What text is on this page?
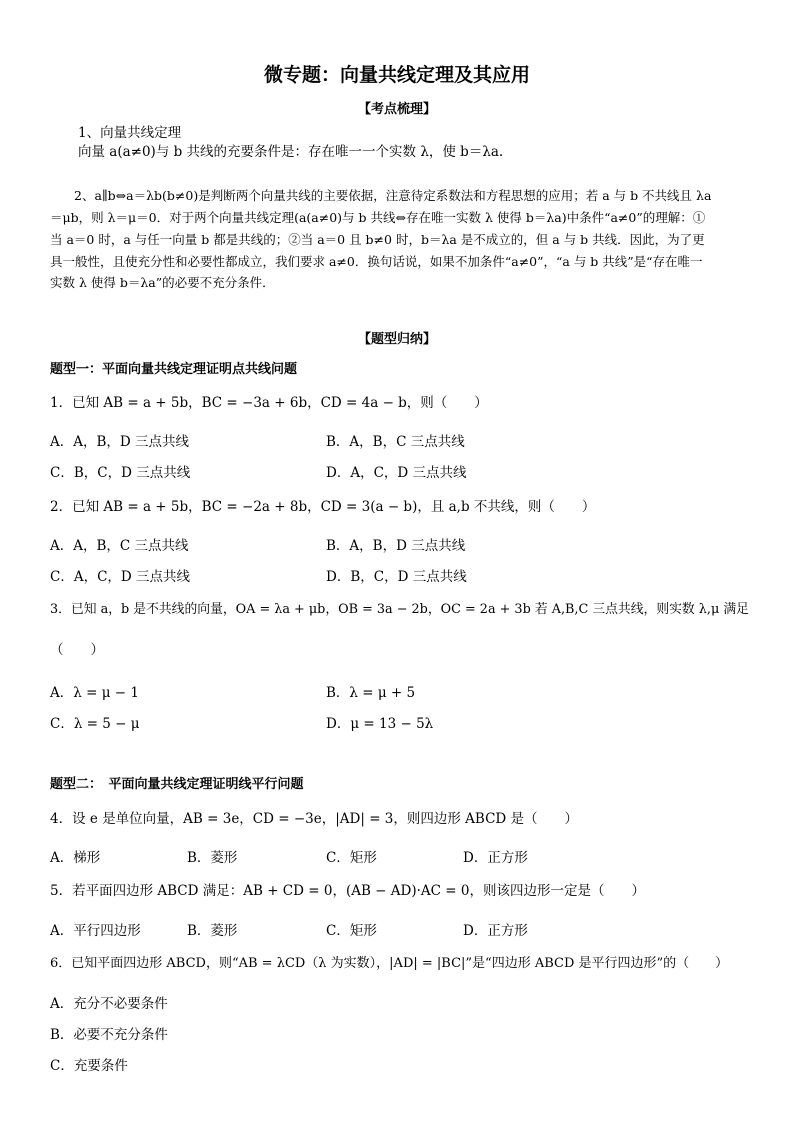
微专题：向量共线定理及其应用
【考点梳理】
1、向量共线定理
向量 a(a≠0)与 b 共线的充要条件是：存在唯一一个实数 λ，使 b＝λa.
2、a∥b⇔a＝λb(b≠0)是判断两个向量共线的主要依据，注意待定系数法和方程思想的应用；若 a 与 b 不共线且 λa
＝μb，则 λ＝μ＝0．对于两个向量共线定理(a(a≠0)与 b 共线⇔存在唯一实数 λ 使得 b＝λa)中条件“a≠0”的理解：①
当 a＝0 时，a 与任一向量 b 都是共线的；②当 a＝0 且 b≠0 时，b＝λa 是不成立的，但 a 与 b 共线．因此，为了更
具一般性，且使充分性和必要性都成立，我们要求 a≠0．换句话说，如果不加条件“a≠0”，“a 与 b 共线”是“存在唯一
实数 λ 使得 b＝λa”的必要不充分条件．
【题型归纳】
题型一：平面向量共线定理证明点共线问题
1．已知 AB = a + 5b，BC = −3a + 6b，CD = 4a − b，则（　　）
A．A，B，D 三点共线	B．A，B，C 三点共线
C．B，C，D 三点共线	D．A，C，D 三点共线
2．已知 AB = a + 5b，BC = −2a + 8b，CD = 3(a − b)，且 a,b 不共线，则（　　）
A．A，B，C 三点共线	B．A，B，D 三点共线
C．A，C，D 三点共线	D．B，C，D 三点共线
3．已知 a，b 是不共线的向量，OA = λa + μb，OB = 3a − 2b，OC = 2a + 3b 若 A,B,C 三点共线，则实数 λ,μ 满足
（　　）
A．λ = μ − 1	B．λ = μ + 5
C．λ = 5 − μ	D．μ = 13 − 5λ
题型二：　平面向量共线定理证明线平行问题
4．设 e 是单位向量，AB = 3e，CD = −3e，|AD| = 3，则四边形 ABCD 是（　　）
A．梯形	B．菱形	C．矩形	D．正方形
5．若平面四边形 ABCD 满足：AB + CD = 0，(AB − AD)·AC = 0，则该四边形一定是（　　）
A．平行四边形	B．菱形	C．矩形	D．正方形
6．已知平面四边形 ABCD，则“AB = λCD（λ 为实数），|AD| = |BC|”是“四边形 ABCD 是平行四边形”的（　　）
A．充分不必要条件
B．必要不充分条件
C．充要条件
